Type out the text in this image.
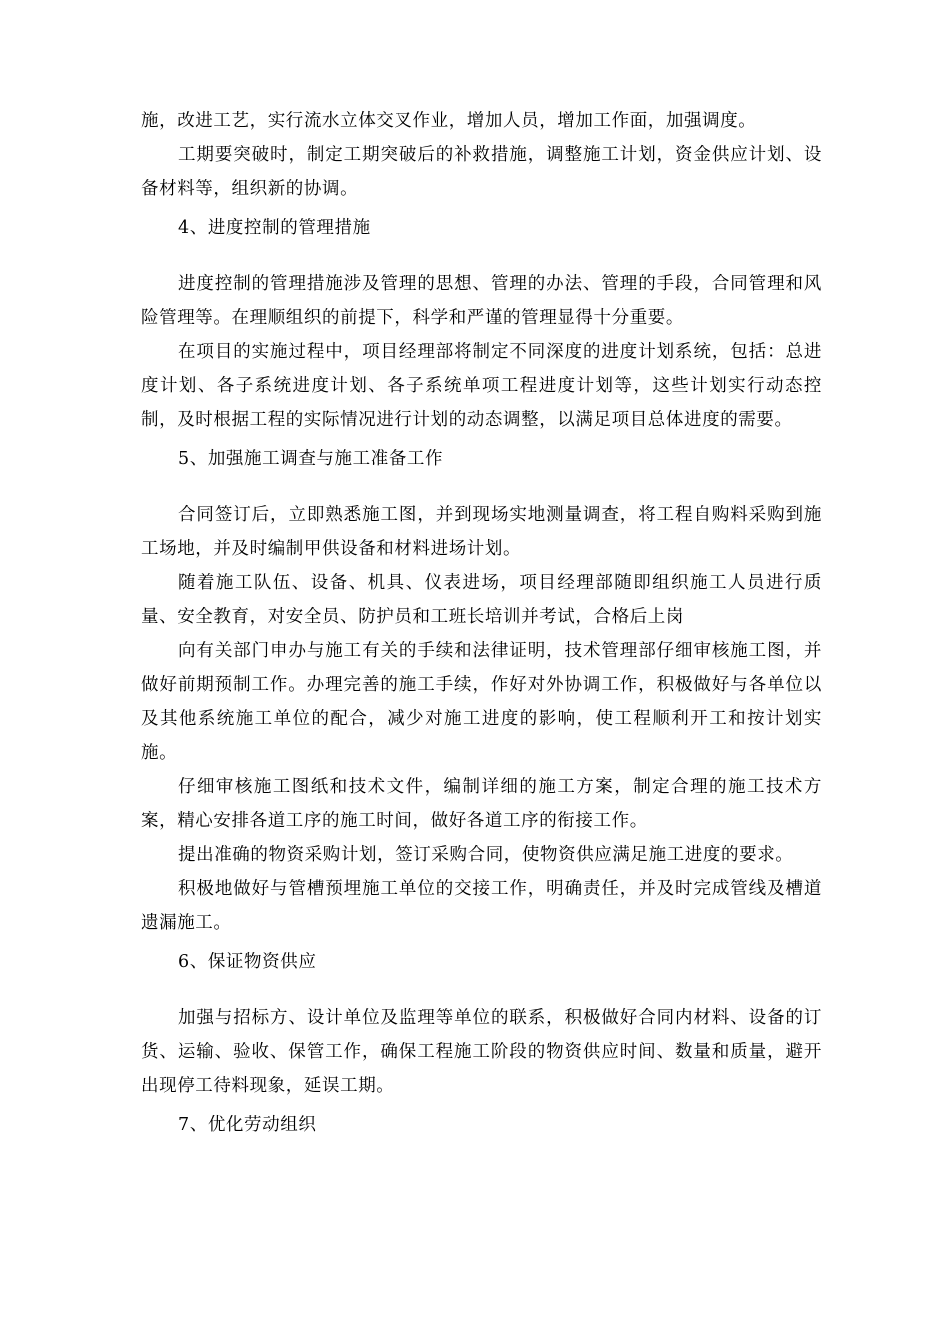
施，改进工艺，实行流水立体交叉作业，增加人员，增加工作面，加强调度。

工期要突破时，制定工期突破后的补救措施，调整施工计划，资金供应计划、设备材料等，组织新的协调。

4、进度控制的管理措施

进度控制的管理措施涉及管理的思想、管理的办法、管理的手段，合同管理和风险管理等。在理顺组织的前提下，科学和严谨的管理显得十分重要。

在项目的实施过程中，项目经理部将制定不同深度的进度计划系统，包括：总进度计划、各子系统进度计划、各子系统单项工程进度计划等，这些计划实行动态控制，及时根据工程的实际情况进行计划的动态调整，以满足项目总体进度的需要。

5、加强施工调查与施工准备工作

合同签订后，立即熟悉施工图，并到现场实地测量调查，将工程自购料采购到施工场地，并及时编制甲供设备和材料进场计划。

随着施工队伍、设备、机具、仪表进场，项目经理部随即组织施工人员进行质量、安全教育，对安全员、防护员和工班长培训并考试，合格后上岗

向有关部门申办与施工有关的手续和法律证明，技术管理部仔细审核施工图，并做好前期预制工作。办理完善的施工手续，作好对外协调工作，积极做好与各单位以及其他系统施工单位的配合，减少对施工进度的影响，使工程顺利开工和按计划实施。

仔细审核施工图纸和技术文件，编制详细的施工方案，制定合理的施工技术方案，精心安排各道工序的施工时间，做好各道工序的衔接工作。

提出准确的物资采购计划，签订采购合同，使物资供应满足施工进度的要求。

积极地做好与管槽预埋施工单位的交接工作，明确责任，并及时完成管线及槽道遗漏施工。

6、保证物资供应

加强与招标方、设计单位及监理等单位的联系，积极做好合同内材料、设备的订货、运输、验收、保管工作，确保工程施工阶段的物资供应时间、数量和质量，避开出现停工待料现象，延误工期。

7、优化劳动组织
